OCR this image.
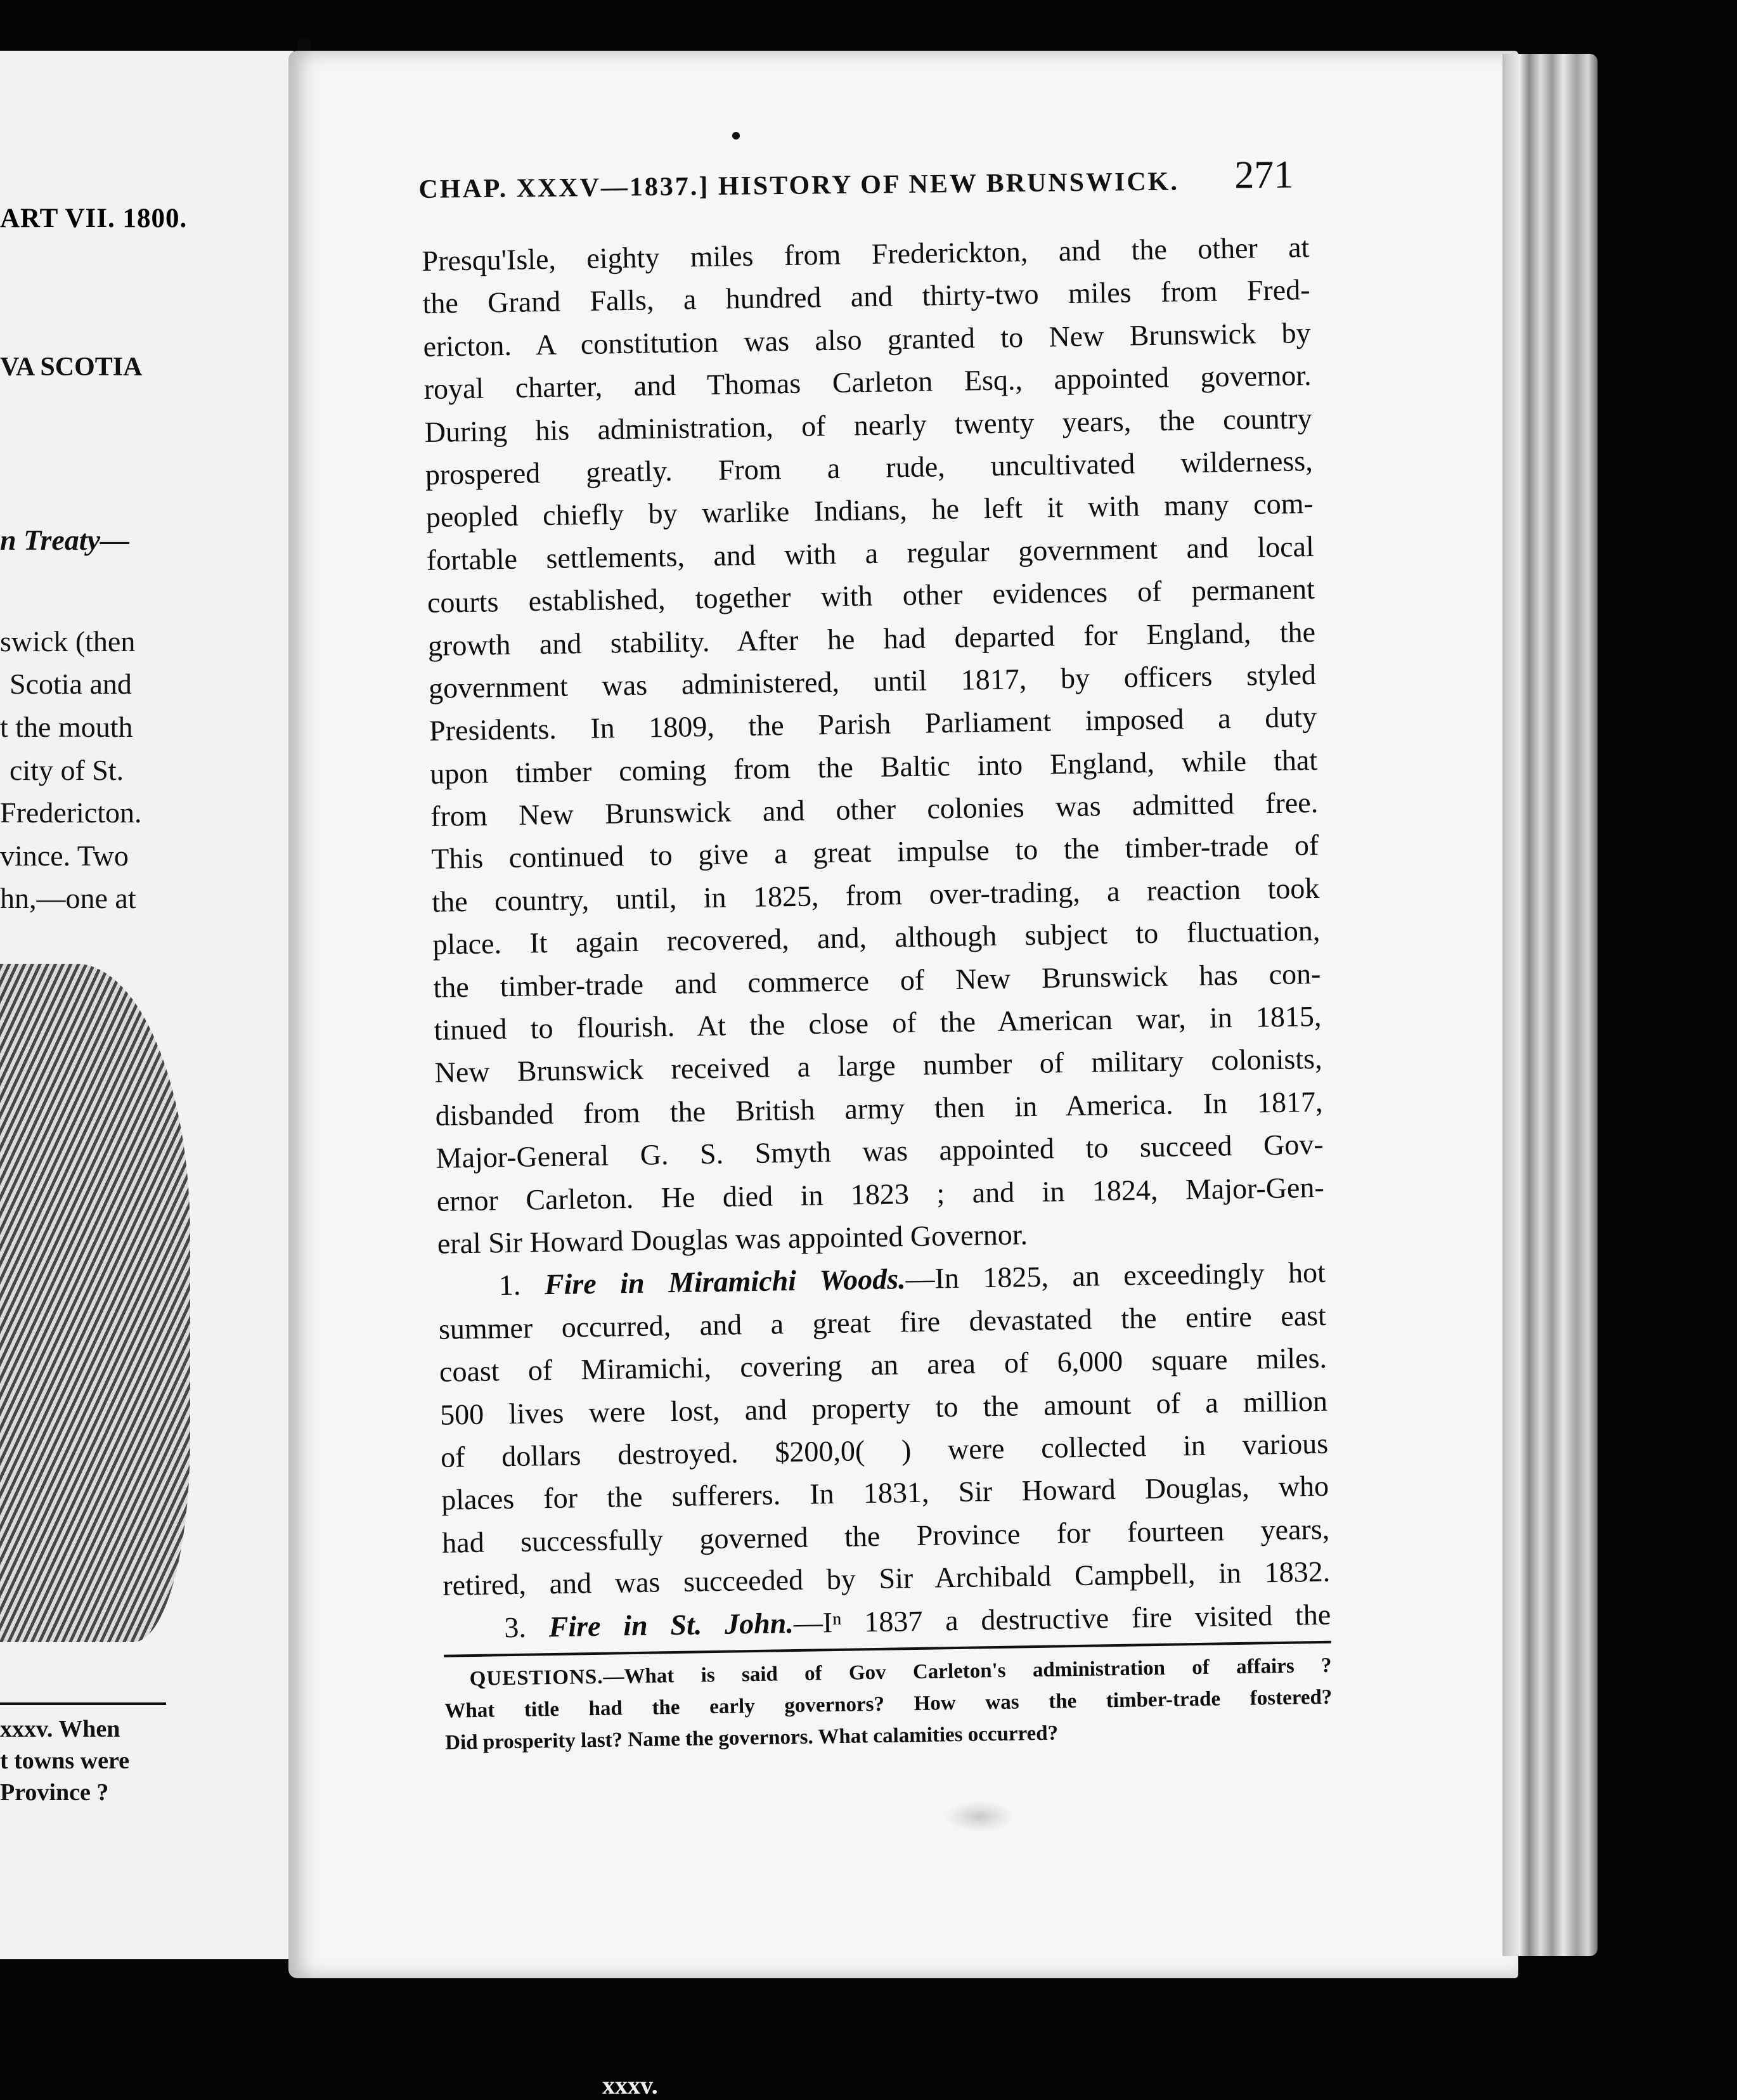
ART VII. 1800.
VA SCOTIA
n Treaty—
swick (then
Scotia and
t the mouth
city of St.
Fredericton.
vince. Two
hn,—one at
xxxv. When
t towns were
Province ?
CHAP. XXXV—1837.] HISTORY OF NEW BRUNSWICK. 271
Presqu'Isle, eighty miles from Frederickton, and the other at
the Grand Falls, a hundred and thirty-two miles from Fred-
ericton. A constitution was also granted to New Brunswick by
royal charter, and Thomas Carleton Esq., appointed governor.
During his administration, of nearly twenty years, the country
prospered greatly. From a rude, uncultivated wilderness,
peopled chiefly by warlike Indians, he left it with many com-
fortable settlements, and with a regular government and local
courts established, together with other evidences of permanent
growth and stability. After he had departed for England, the
government was administered, until 1817, by officers styled
Presidents. In 1809, the Parish Parliament imposed a duty
upon timber coming from the Baltic into England, while that
from New Brunswick and other colonies was admitted free.
This continued to give a great impulse to the timber-trade of
the country, until, in 1825, from over-trading, a reaction took
place. It again recovered, and, although subject to fluctuation,
the timber-trade and commerce of New Brunswick has con-
tinued to flourish. At the close of the American war, in 1815,
New Brunswick received a large number of military colonists,
disbanded from the British army then in America. In 1817,
Major-General G. S. Smyth was appointed to succeed Gov-
ernor Carleton. He died in 1823 ; and in 1824, Major-Gen-
eral Sir Howard Douglas was appointed Governor.
1. Fire in Miramichi Woods.—In 1825, an exceedingly hot
summer occurred, and a great fire devastated the entire east
coast of Miramichi, covering an area of 6,000 square miles.
500 lives were lost, and property to the amount of a million
of dollars destroyed. $200,0( ) were collected in various
places for the sufferers. In 1831, Sir Howard Douglas, who
had successfully governed the Province for fourteen years,
retired, and was succeeded by Sir Archibald Campbell, in 1832.
3. Fire in St. John.—Iⁿ 1837 a destructive fire visited the
QUESTIONS.—What is said of Gov Carleton's administration of affairs ?
What title had the early governors? How was the timber-trade fostered?
Did prosperity last? Name the governors. What calamities occurred?
xxxv.
